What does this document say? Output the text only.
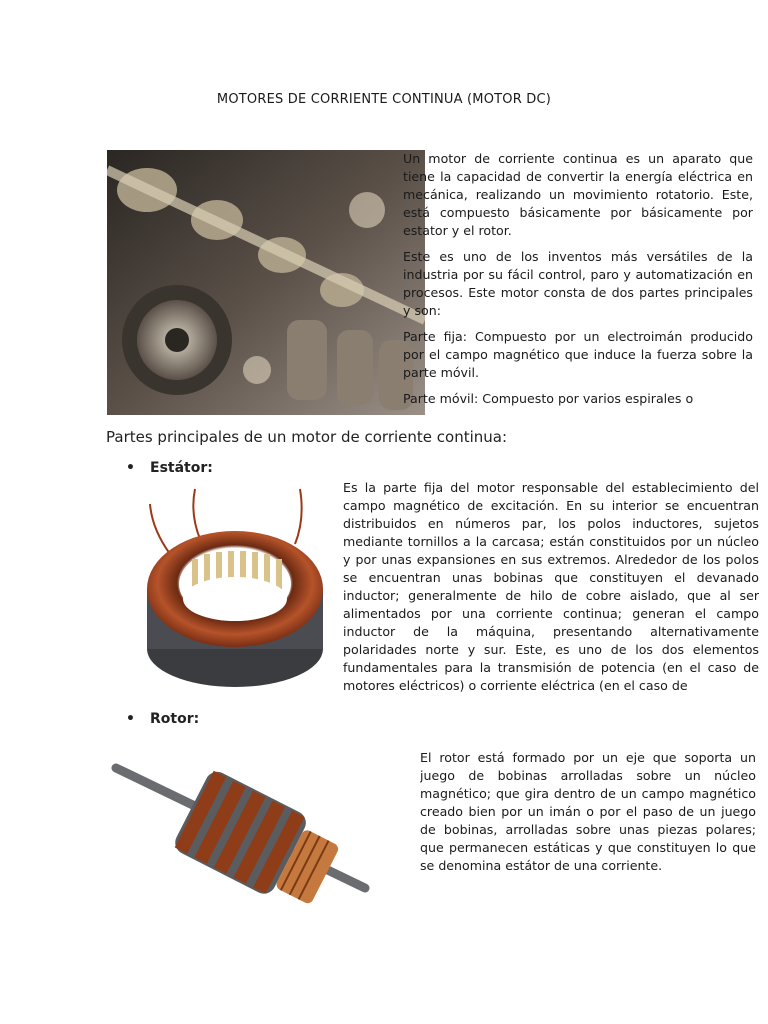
MOTORES DE CORRIENTE CONTINUA (MOTOR DC)

Un motor de corriente continua es un aparato que tiene la capacidad de convertir la energía eléctrica en mecánica, realizando un movimiento rotatorio. Este, está compuesto básicamente por básicamente por estator y el rotor.

Este es uno de los inventos más versátiles de la industria por su fácil control, paro y automatización en procesos. Este motor consta de dos partes principales y son:

Parte fija: Compuesto por un electroimán producido por el campo magnético que induce la fuerza sobre la parte móvil.

Parte móvil: Compuesto por varios espirales o

Partes principales de un motor de corriente continua:
• Estátor:

Es la parte fija del motor responsable del establecimiento del campo magnético de excitación. En su interior se encuentran distribuidos en números par, los polos inductores, sujetos mediante tornillos a la carcasa; están constituidos por un núcleo y por unas expansiones en sus extremos. Alrededor de los polos se encuentran unas bobinas que constituyen el devanado inductor; generalmente de hilo de cobre aislado, que al ser alimentados por una corriente continua; generan el campo inductor de la máquina, presentando alternativamente polaridades norte y sur. Este, es uno de los dos elementos fundamentales para la transmisión de potencia (en el caso de motores eléctricos) o corriente eléctrica (en el caso de

• Rotor:

El rotor está formado por un eje que soporta un juego de bobinas arrolladas sobre un núcleo magnético; que gira dentro de un campo magnético creado bien por un imán o por el paso de un juego de bobinas, arrolladas sobre unas piezas polares; que permanecen estáticas y que constituyen lo que se denomina estátor de una corriente.
